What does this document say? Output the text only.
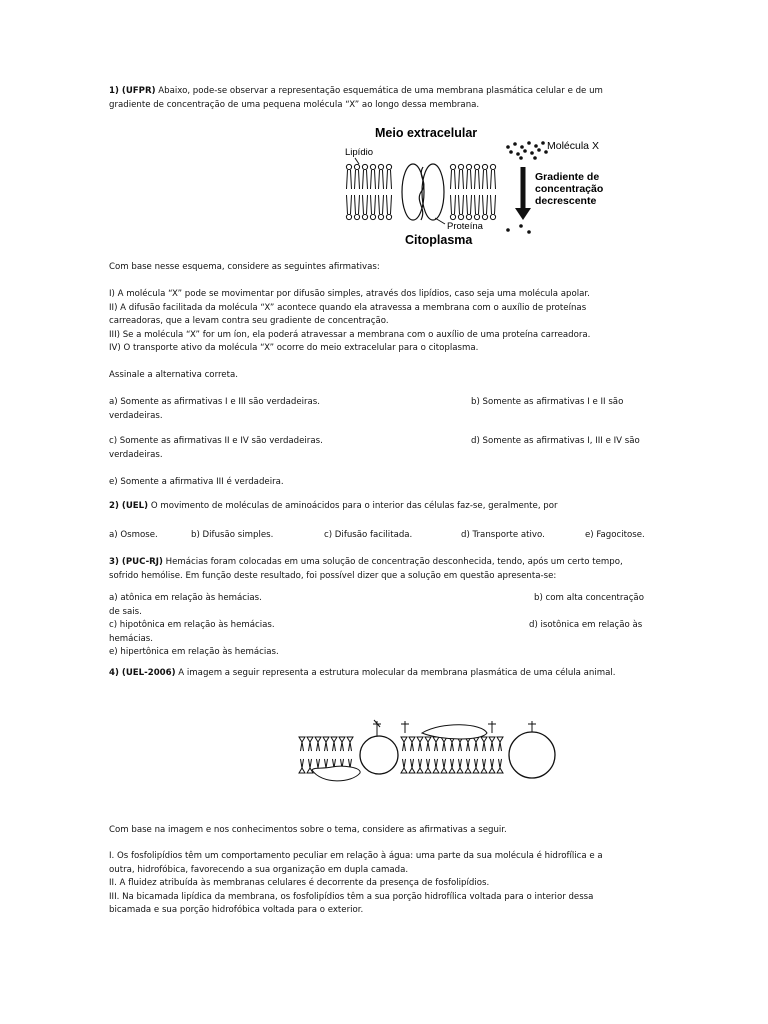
1) (UFPR) Abaixo, pode-se observar a representação esquemática de uma membrana plasmática celular e de um
gradiente de concentração de uma pequena molécula “X” ao longo dessa membrana.
Meio extracelular
Lipídio
Proteína
Citoplasma
Molécula X
Gradiente de
concentração
decrescente
Com base nesse esquema, considere as seguintes afirmativas:
I) A molécula “X” pode se movimentar por difusão simples, através dos lipídios, caso seja uma molécula apolar.
II) A difusão facilitada da molécula “X” acontece quando ela atravessa a membrana com o auxílio de proteínas
carreadoras, que a levam contra seu gradiente de concentração.
III) Se a molécula “X” for um íon, ela poderá atravessar a membrana com o auxílio de uma proteína carreadora.
IV) O transporte ativo da molécula “X” ocorre do meio extracelular para o citoplasma.
Assinale a alternativa correta.
a) Somente as afirmativas I e III são verdadeiras.	b) Somente as afirmativas I e II são
verdadeiras.
c) Somente as afirmativas II e IV são verdadeiras.	d) Somente as afirmativas I, III e IV são
verdadeiras.
e) Somente a afirmativa III é verdadeira.
2) (UEL) O movimento de moléculas de aminoácidos para o interior das células faz-se, geralmente, por
a) Osmose.	b) Difusão simples.	c) Difusão facilitada.	d) Transporte ativo.	e) Fagocitose.
3) (PUC-RJ) Hemácias foram colocadas em uma solução de concentração desconhecida, tendo, após um certo tempo,
sofrido hemólise. Em função deste resultado, foi possível dizer que a solução em questão apresenta-se:
a) atônica em relação às hemácias.	b) com alta concentração
de sais.
c) hipotônica em relação às hemácias.	d) isotônica em relação às
hemácias.
e) hipertônica em relação às hemácias.
4) (UEL-2006) A imagem a seguir representa a estrutura molecular da membrana plasmática de uma célula animal.
Com base na imagem e nos conhecimentos sobre o tema, considere as afirmativas a seguir.
I. Os fosfolipídios têm um comportamento peculiar em relação à água: uma parte da sua molécula é hidrofílica e a
outra, hidrofóbica, favorecendo a sua organização em dupla camada.
II. A fluidez atribuída às membranas celulares é decorrente da presença de fosfolipídios.
III. Na bicamada lipídica da membrana, os fosfolipídios têm a sua porção hidrofílica voltada para o interior dessa
bicamada e sua porção hidrofóbica voltada para o exterior.
